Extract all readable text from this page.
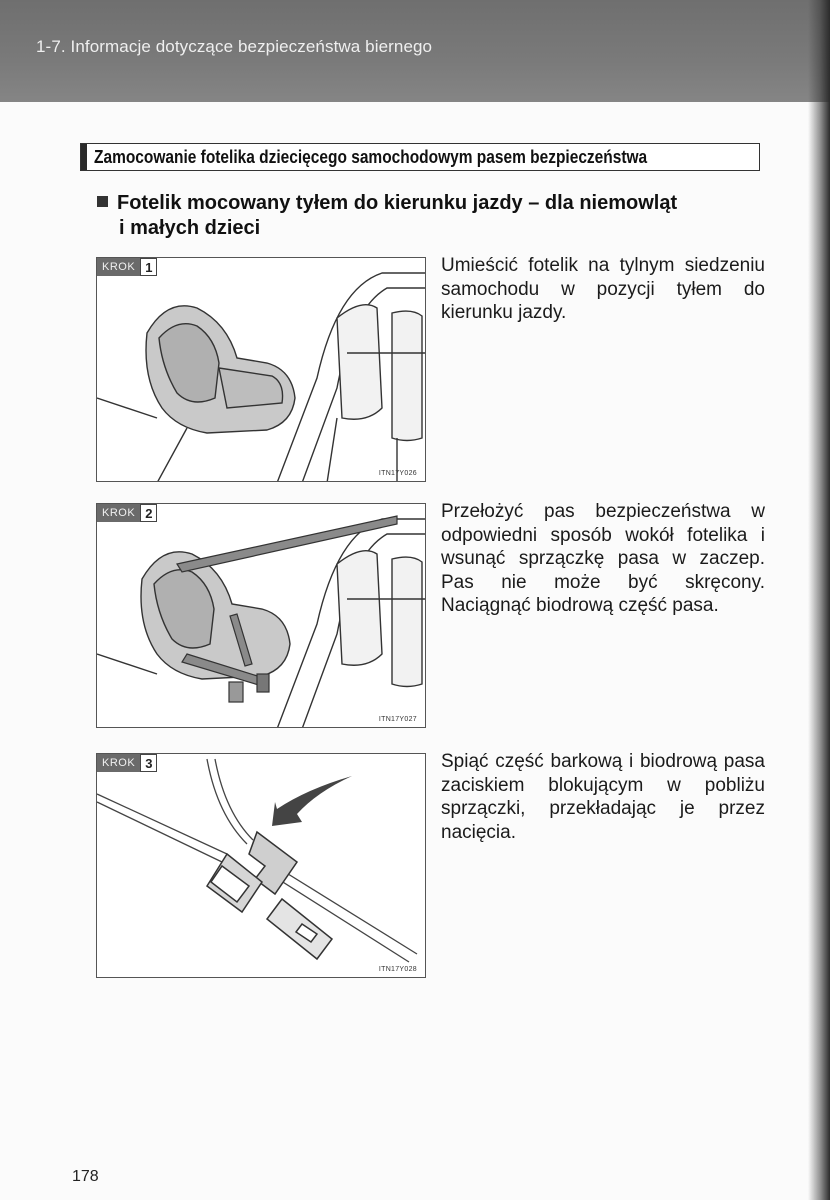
1-7. Informacje dotyczące bezpieczeństwa biernego
Zamocowanie fotelika dziecięcego samochodowym pasem bezpieczeństwa
Fotelik mocowany tyłem do kierunku jazdy – dla niemowląt
i małych dzieci
KROK 1
ITN17Y026
Umieścić fotelik na tylnym siedzeniu samochodu w pozycji tyłem do kierunku jazdy.
KROK 2
ITN17Y027
Przełożyć pas bezpieczeństwa w odpowiedni sposób wokół fotelika i wsunąć sprzączkę pasa w zaczep. Pas nie może być skręcony. Naciągnąć biodrową część pasa.
KROK 3
ITN17Y028
Spiąć część barkową i biodrową pasa zaciskiem blokującym w pobliżu sprzączki, przekładając je przez nacięcia.
178
